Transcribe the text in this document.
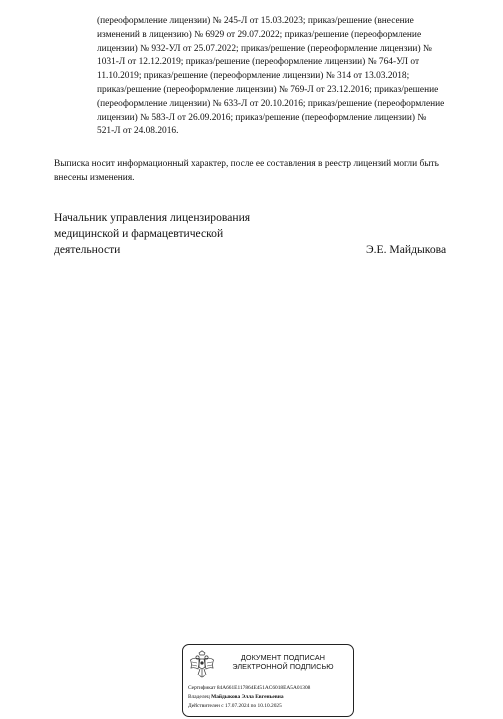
(переоформление лицензии) № 245-Л от 15.03.2023; приказ/решение (внесение

изменений в лицензию) № 6929 от 29.07.2022; приказ/решение (переоформление

лицензии) № 932-УЛ от 25.07.2022; приказ/решение (переоформление лицензии) №

1031-Л от 12.12.2019; приказ/решение (переоформление лицензии) № 764-УЛ от

11.10.2019; приказ/решение (переоформление лицензии) № 314 от 13.03.2018;

приказ/решение (переоформление лицензии) № 769-Л от 23.12.2016; приказ/решение

(переоформление лицензии) № 633-Л от 20.10.2016; приказ/решение (переоформление

лицензии) № 583-Л от 26.09.2016; приказ/решение (переоформление лицензии) №

521-Л от 24.08.2016.

Выписка носит информационный характер, после ее составления в реестр лицензий могли быть

внесены изменения.

Начальник управления лицензирования

медицинской и фармацевтической

деятельности	Э.Е. Майдыкова

ДОКУМЕНТ ПОДПИСАН

ЭЛЕКТРОННОЙ ПОДПИСЬЮ

Сертификат 84A661E117864E451AC6018EA5A01308

Владелец Майдыкова Элла Евгеньевна

Действителен с 17.07.2024 по 10.10.2025
